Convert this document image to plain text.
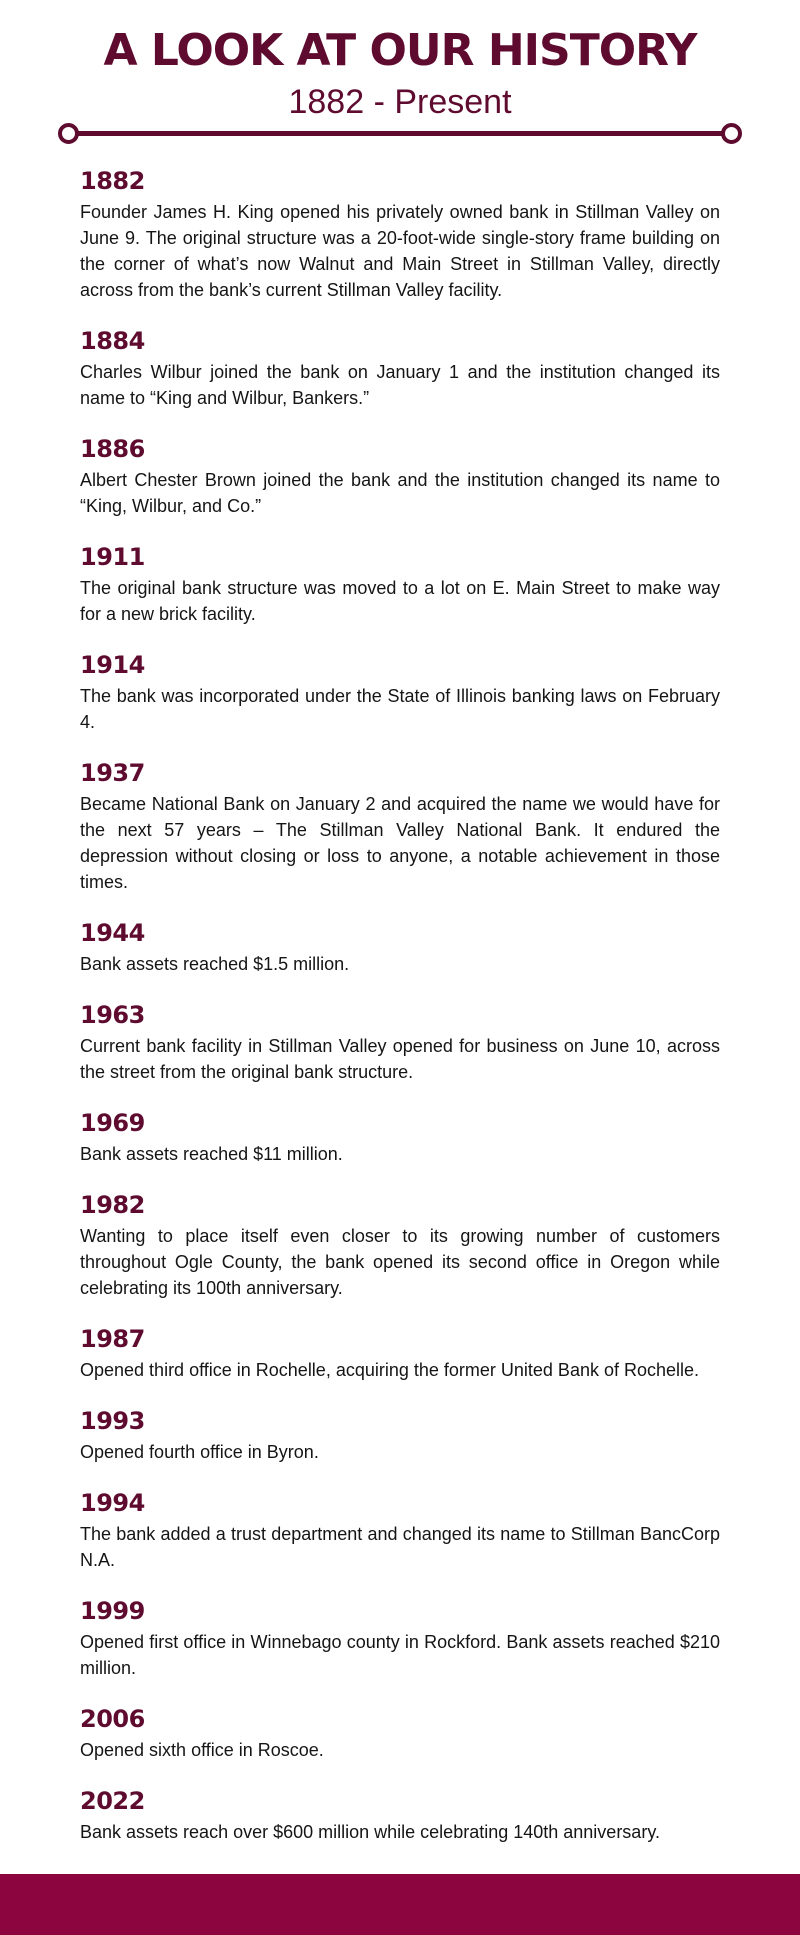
A LOOK AT OUR HISTORY
1882 - Present
1882

Founder James H. King opened his privately owned bank in Stillman Valley on June 9. The original structure was a 20-foot-wide single-story frame building on the corner of what’s now Walnut and Main Street in Stillman Valley, directly across from the bank’s current Stillman Valley facility.

1884

Charles Wilbur joined the bank on January 1 and the institution changed its name to “King and Wilbur, Bankers.”

1886

Albert Chester Brown joined the bank and the institution changed its name to “King, Wilbur, and Co.”

1911

The original bank structure was moved to a lot on E. Main Street to make way for a new brick facility.

1914

The bank was incorporated under the State of Illinois banking laws on February 4.

1937

Became National Bank on January 2 and acquired the name we would have for the next 57 years – The Stillman Valley National Bank. It endured the depression without closing or loss to anyone, a notable achievement in those times.

1944

Bank assets reached $1.5 million.

1963

Current bank facility in Stillman Valley opened for business on June 10, across the street from the original bank structure.

1969

Bank assets reached $11 million.

1982

Wanting to place itself even closer to its growing number of customers throughout Ogle County, the bank opened its second office in Oregon while celebrating its 100th anniversary.

1987

Opened third office in Rochelle, acquiring the former United Bank of Rochelle.

1993

Opened fourth office in Byron.

1994

The bank added a trust department and changed its name to Stillman BancCorp N.A.

1999

Opened first office in Winnebago county in Rockford. Bank assets reached $210 million.

2006

Opened sixth office in Roscoe.

2022

Bank assets reach over $600 million while celebrating 140th anniversary.
